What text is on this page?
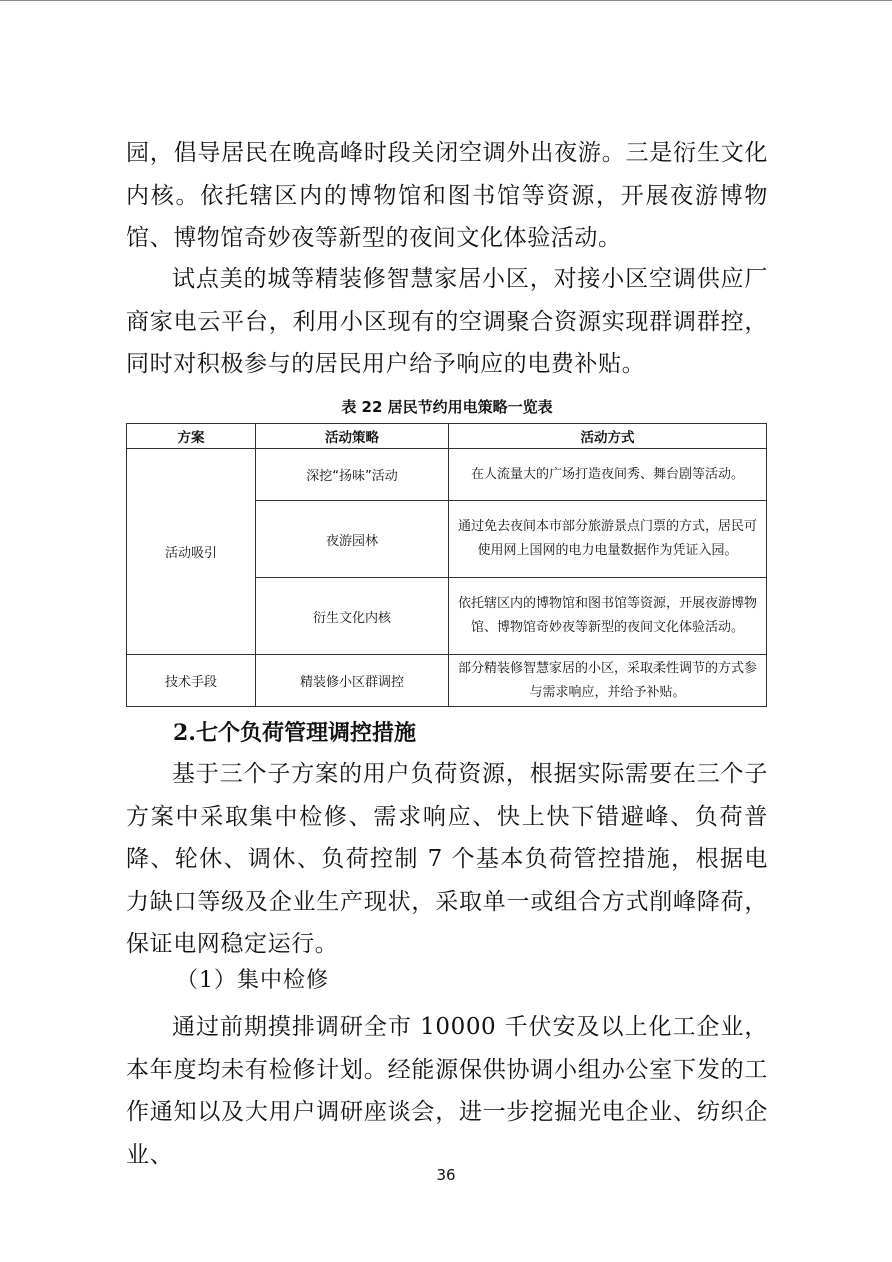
园，倡导居民在晚高峰时段关闭空调外出夜游。三是衍生文化内核。依托辖区内的博物馆和图书馆等资源，开展夜游博物馆、博物馆奇妙夜等新型的夜间文化体验活动。

试点美的城等精装修智慧家居小区，对接小区空调供应厂商家电云平台，利用小区现有的空调聚合资源实现群调群控，同时对积极参与的居民用户给予响应的电费补贴。

表 22 居民节约用电策略一览表
方案	活动策略	活动方式
活动吸引	深挖“扬味”活动	在人流量大的广场打造夜间秀、舞台剧等活动。
	夜游园林	通过免去夜间本市部分旅游景点门票的方式，居民可使用网上国网的电力电量数据作为凭证入园。
	衍生文化内核	依托辖区内的博物馆和图书馆等资源，开展夜游博物馆、博物馆奇妙夜等新型的夜间文化体验活动。
技术手段	精装修小区群调控	部分精装修智慧家居的小区，采取柔性调节的方式参与需求响应，并给予补贴。
2.七个负荷管理调控措施

基于三个子方案的用户负荷资源，根据实际需要在三个子方案中采取集中检修、需求响应、快上快下错避峰、负荷普降、轮休、调休、负荷控制 7 个基本负荷管控措施，根据电力缺口等级及企业生产现状，采取单一或组合方式削峰降荷，保证电网稳定运行。

（1）集中检修

通过前期摸排调研全市 10000 千伏安及以上化工企业，本年度均未有检修计划。经能源保供协调小组办公室下发的工作通知以及大用户调研座谈会，进一步挖掘光电企业、纺织企业、

36
